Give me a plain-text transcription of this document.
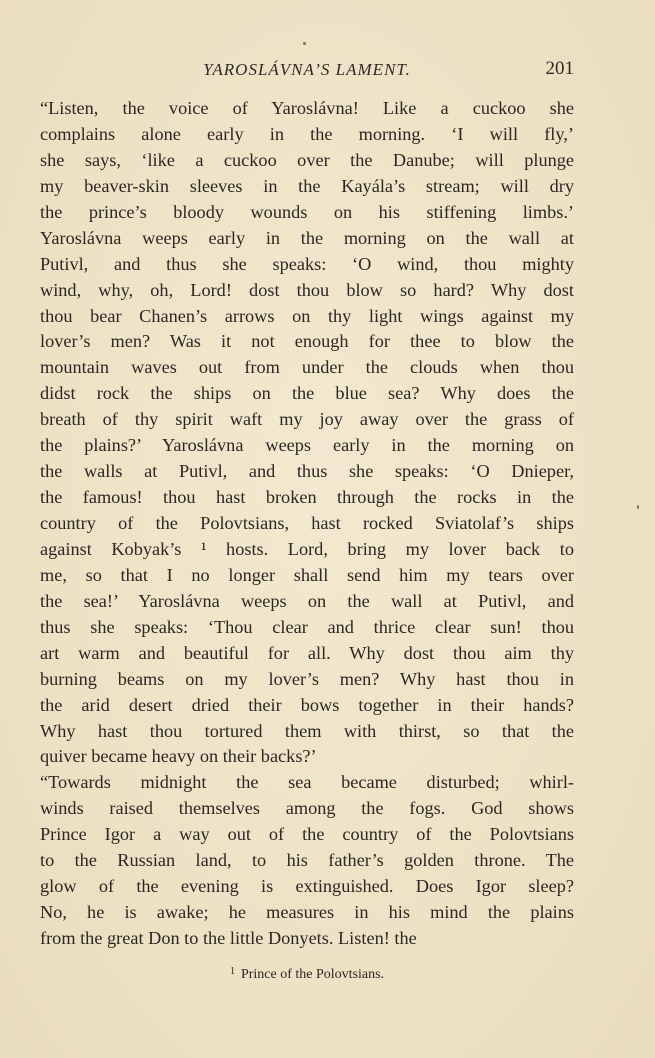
YAROSLÁVNA’S LAMENT.	201
“Listen, the voice of Yaroslávna! Like a cuckoo she
complains alone early in the morning. ‘I will fly,’
she says, ‘like a cuckoo over the Danube; will plunge
my beaver-skin sleeves in the Kayála’s stream; will dry
the prince’s bloody wounds on his stiffening limbs.’
Yaroslávna weeps early in the morning on the wall at
Putivl, and thus she speaks: ‘O wind, thou mighty
wind, why, oh, Lord! dost thou blow so hard? Why dost
thou bear Chanen’s arrows on thy light wings against my
lover’s men? Was it not enough for thee to blow the
mountain waves out from under the clouds when thou
didst rock the ships on the blue sea? Why does the
breath of thy spirit waft my joy away over the grass of
the plains?’ Yaroslávna weeps early in the morning on
the walls at Putivl, and thus she speaks: ‘O Dnieper,
the famous! thou hast broken through the rocks in the
country of the Polovtsians, hast rocked Sviatolaf’s ships
against Kobyak’s ¹ hosts. Lord, bring my lover back to
me, so that I no longer shall send him my tears over
the sea!’ Yaroslávna weeps on the wall at Putivl, and
thus she speaks: ‘Thou clear and thrice clear sun! thou
art warm and beautiful for all. Why dost thou aim thy
burning beams on my lover’s men? Why hast thou in
the arid desert dried their bows together in their hands?
Why hast thou tortured them with thirst, so that the
quiver became heavy on their backs?’
“Towards midnight the sea became disturbed; whirl-
winds raised themselves among the fogs. God shows
Prince Igor a way out of the country of the Polovtsians
to the Russian land, to his father’s golden throne. The
glow of the evening is extinguished. Does Igor sleep?
No, he is awake; he measures in his mind the plains
from the great Don to the little Donyets. Listen! the
$^1$ Prince of the Polovtsians.
